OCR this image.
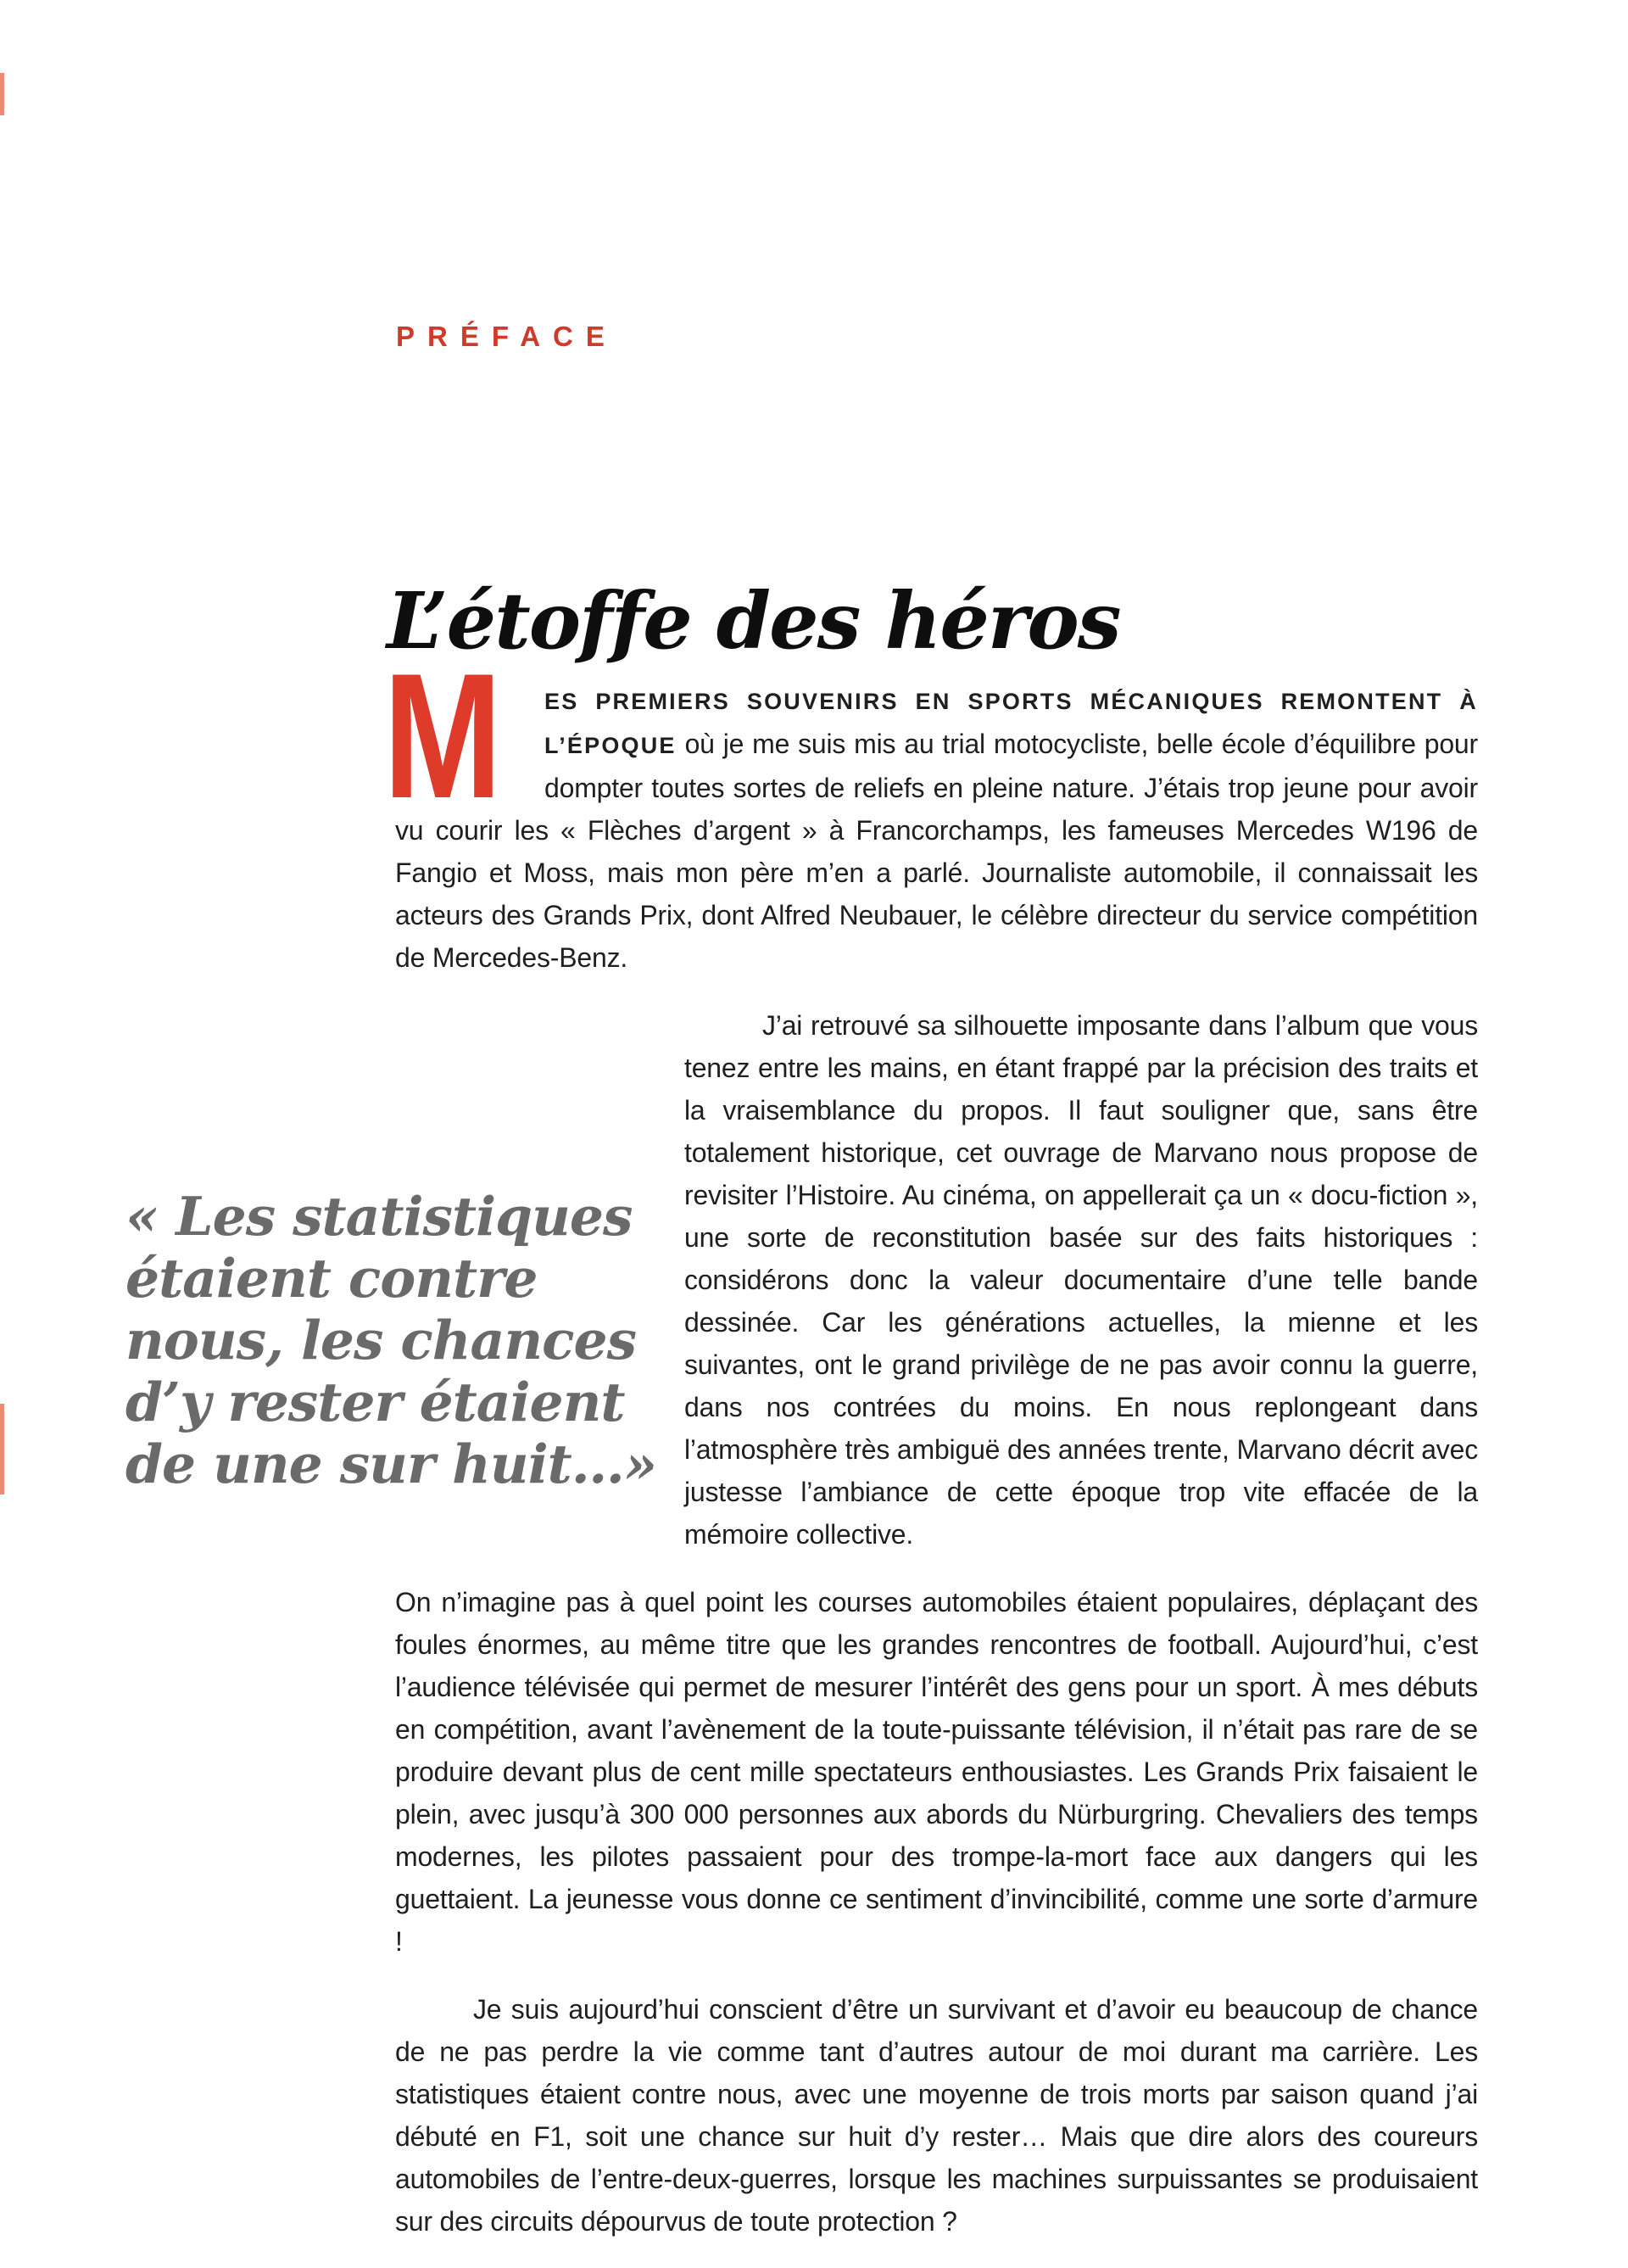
PRÉFACE
L’étoffe des héros
M	ES PREMIERS SOUVENIRS EN SPORTS MÉCANIQUES REMONTENT À L’ÉPOQUE où je me suis mis au trial motocycliste, belle école d’équilibre pour dompter toutes sortes de reliefs en pleine nature. J’étais trop jeune pour avoir vu courir les « Flèches d’argent » à Francorchamps, les fameuses Mercedes W196 de Fangio et Moss, mais mon père m’en a parlé. Journaliste automobile, il connaissait les acteurs des Grands Prix, dont Alfred Neubauer, le célèbre directeur du service compétition de Mercedes-Benz.

J’ai retrouvé sa silhouette imposante dans l’album que vous tenez entre les mains, en étant frappé par la précision des traits et la vraisemblance du propos. Il faut souligner que, sans être totalement historique, cet ouvrage de Marvano nous propose de revisiter l’Histoire. Au cinéma, on appellerait ça un « docu-fiction », une sorte de reconstitution basée sur des faits historiques : considérons donc la valeur documentaire d’une telle bande dessinée. Car les générations actuelles, la mienne et les suivantes, ont le grand privilège de ne pas avoir connu la guerre, dans nos contrées du moins. En nous replongeant dans l’atmosphère très ambiguë des années trente, Marvano décrit avec justesse l’ambiance de cette époque trop vite effacée de la mémoire collective.

On n’imagine pas à quel point les courses automobiles étaient populaires, déplaçant des foules énormes, au même titre que les grandes rencontres de football. Aujourd’hui, c’est l’audience télévisée qui permet de mesurer l’intérêt des gens pour un sport. À mes débuts en compétition, avant l’avènement de la toute-puissante télévision, il n’était pas rare de se produire devant plus de cent mille spectateurs enthousiastes. Les Grands Prix faisaient le plein, avec jusqu’à 300 000 personnes aux abords du Nürburgring. Chevaliers des temps modernes, les pilotes passaient pour des trompe-la-mort face aux dangers qui les guettaient. La jeunesse vous donne ce sentiment d’invincibilité, comme une sorte d’armure !

Je suis aujourd’hui conscient d’être un survivant et d’avoir eu beaucoup de chance de ne pas perdre la vie comme tant d’autres autour de moi durant ma carrière. Les statistiques étaient contre nous, avec une moyenne de trois morts par saison quand j’ai débuté en F1, soit une chance sur huit d’y rester… Mais que dire alors des coureurs automobiles de l’entre-deux-guerres, lorsque les machines surpuissantes se produisaient sur des circuits dépourvus de toute protection ?

« Les statistiques
étaient contre
nous, les chances
d’y rester étaient
de une sur huit…»
